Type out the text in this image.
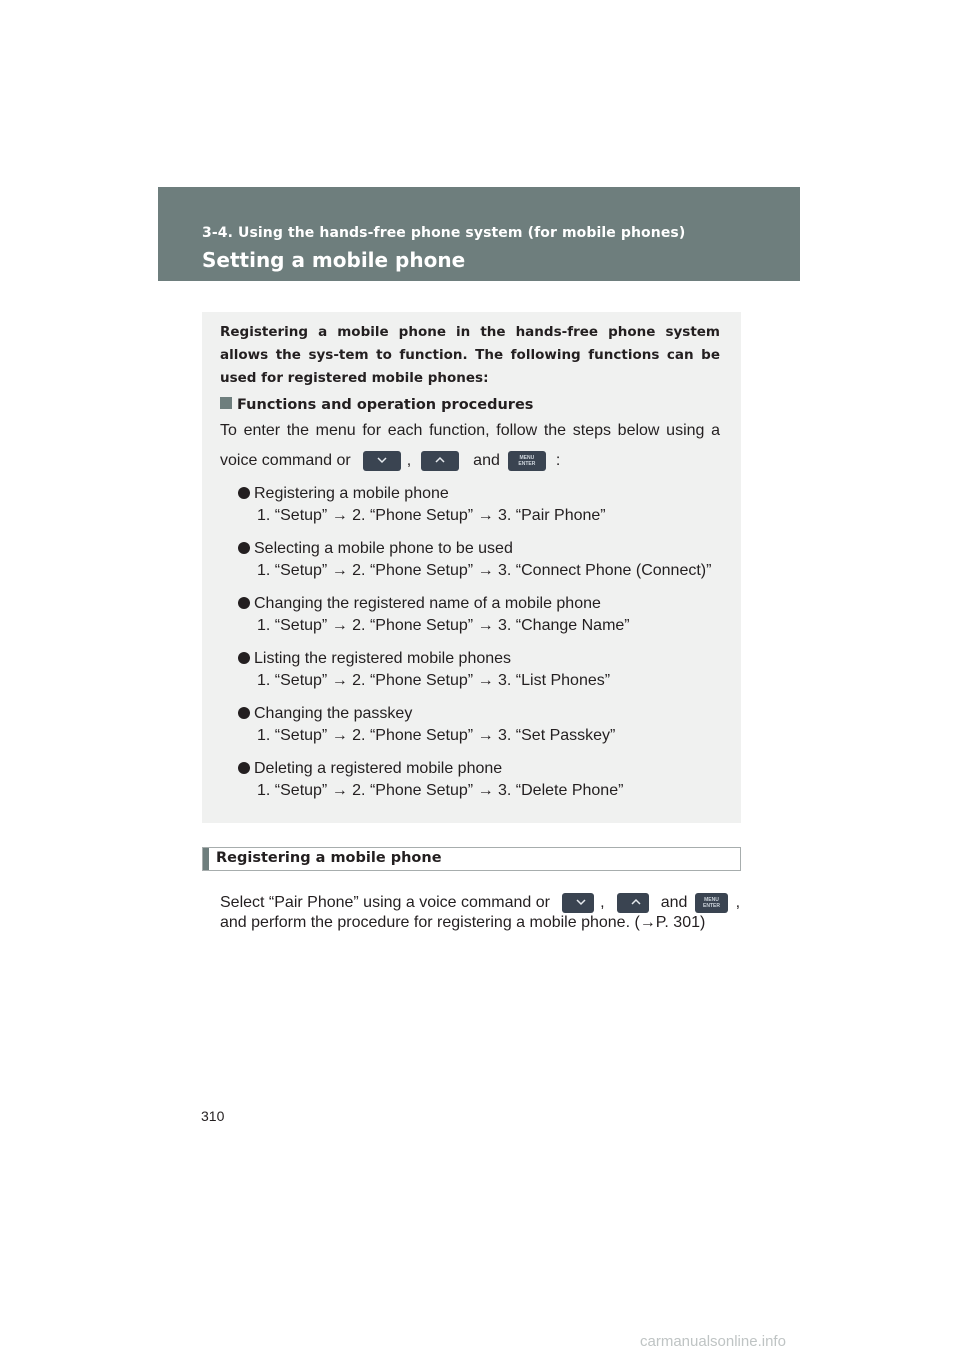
3-4. Using the hands-free phone system (for mobile phones)
Setting a mobile phone
Registering a mobile phone in the hands-free phone system allows the sys-tem to function. The following functions can be used for registered mobile phones:
Functions and operation procedures
To enter the menu for each function, follow the steps below using a
voice command or	,	and	MENU
ENTER	:
Registering a mobile phone
1. “Setup” → 2. “Phone Setup” → 3. “Pair Phone”
Selecting a mobile phone to be used
1. “Setup” → 2. “Phone Setup” → 3. “Connect Phone (Connect)”
Changing the registered name of a mobile phone
1. “Setup” → 2. “Phone Setup” → 3. “Change Name”
Listing the registered mobile phones
1. “Setup” → 2. “Phone Setup” → 3. “List Phones”
Changing the passkey
1. “Setup” → 2. “Phone Setup” → 3. “Set Passkey”
Deleting a registered mobile phone
1. “Setup” → 2. “Phone Setup” → 3. “Delete Phone”
Registering a mobile phone
Select “Pair Phone” using a voice command or	,	and	MENU
ENTER ,
and perform the procedure for registering a mobile phone. (→P. 301)
310
carmanualsonline.info
